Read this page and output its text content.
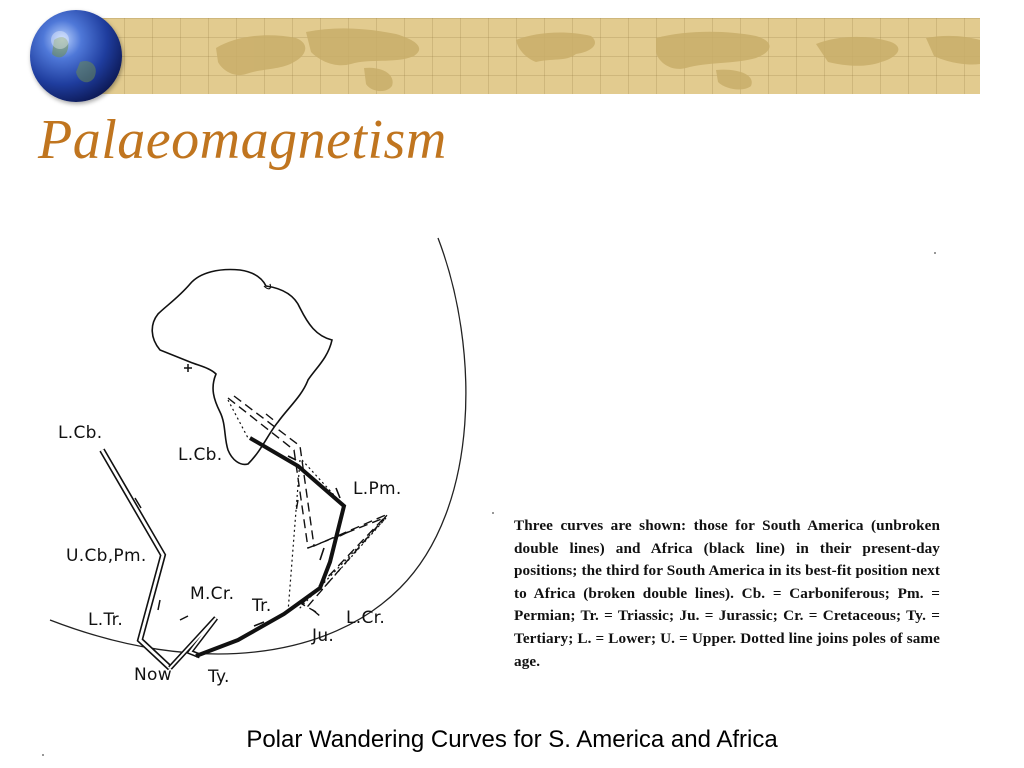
Palaeomagnetism
L.Cb.
L.Cb.
L.Pm.
U.Cb,Pm.
L.Tr.
M.Cr.
Tr.
L.Cr.
Ju.
Now Ty.
Three curves are shown: those for South America (unbroken double lines) and Africa (black line) in their present-day positions; the third for South America in its best-fit position next to Africa (broken double lines). Cb. = Carboniferous; Pm. = Permian; Tr. = Triassic; Ju. = Jurassic; Cr. = Cretaceous; Ty. = Tertiary; L. = Lower; U. = Upper. Dotted line joins poles of same age.
Polar Wandering Curves for S. America and Africa
